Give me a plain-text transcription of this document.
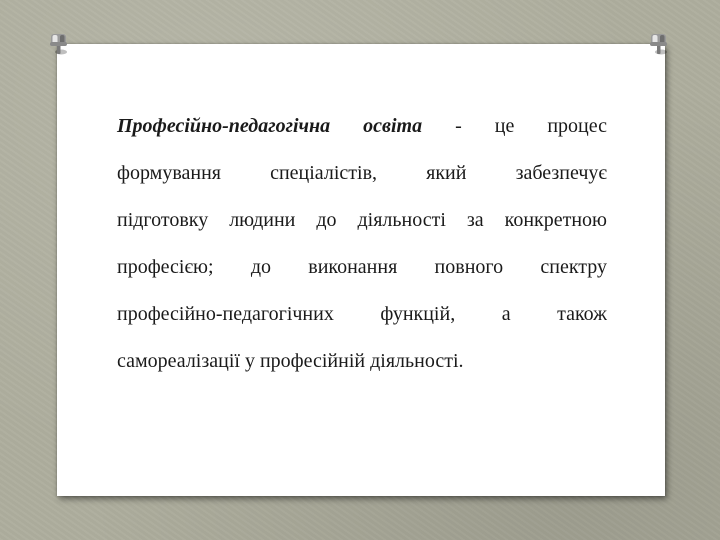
Професійно-педагогічна освіта - це процес
формування спеціалістів, який забезпечує
підготовку людини до діяльності за конкретною
професією; до виконання повного спектру
професійно-педагогічних функцій, а також
самореалізації у професійній діяльності.
